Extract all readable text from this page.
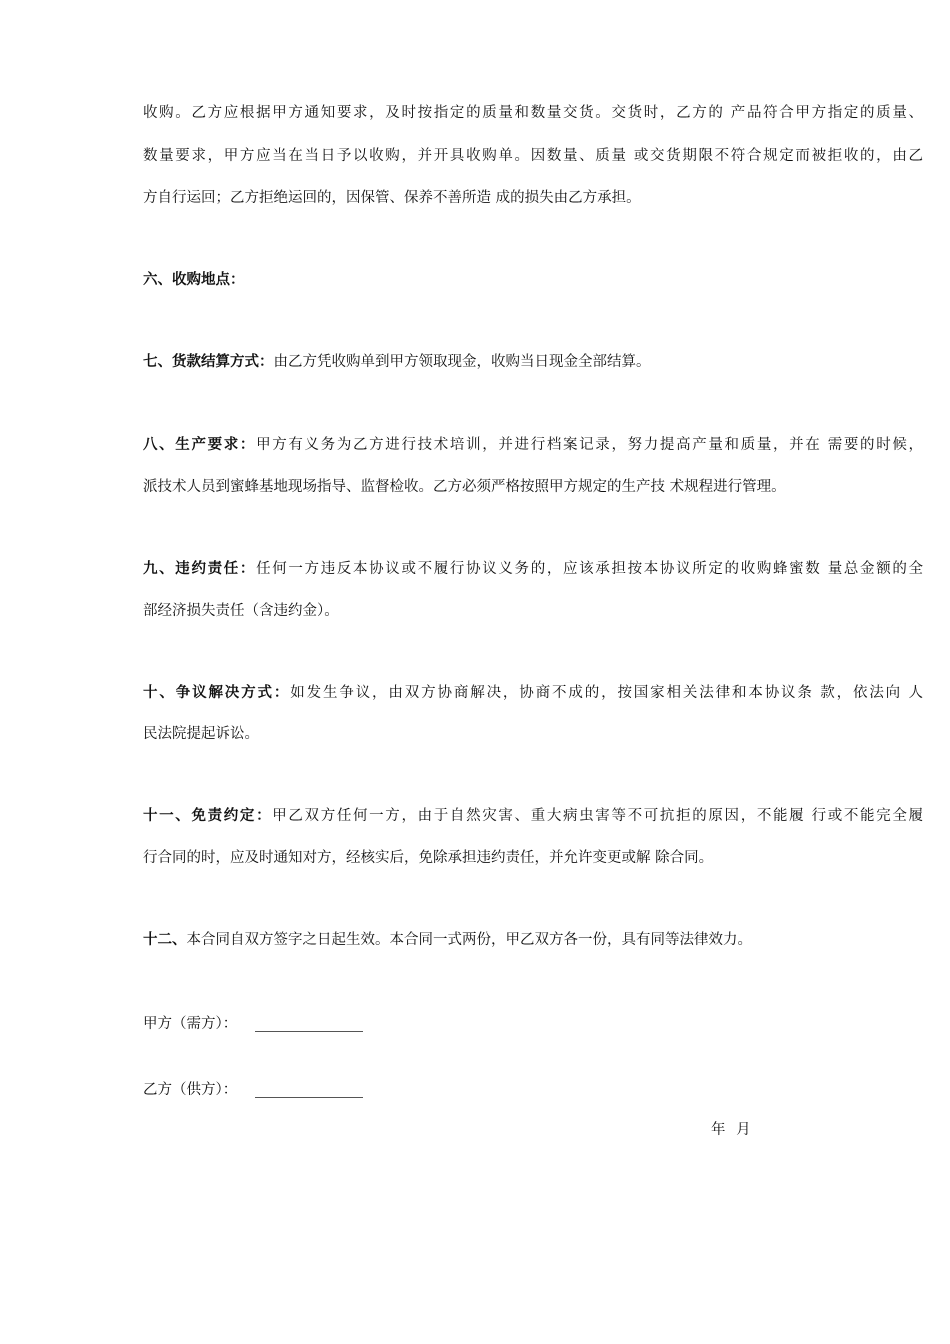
收购。乙方应根据甲方通知要求，及时按指定的质量和数量交货。交货时，乙方的 产品符合甲方指定的质量、
数量要求，甲方应当在当日予以收购，并开具收购单。因数量、质量 或交货期限不符合规定而被拒收的，由乙
方自行运回；乙方拒绝运回的，因保管、保养不善所造 成的损失由乙方承担。
六、收购地点：
七、货款结算方式：由乙方凭收购单到甲方领取现金，收购当日现金全部结算。
八、生产要求：甲方有义务为乙方进行技术培训，并进行档案记录，努力提高产量和质量，并在 需要的时候，
派技术人员到蜜蜂基地现场指导、监督检收。乙方必须严格按照甲方规定的生产技 术规程进行管理。
九、违约责任：任何一方违反本协议或不履行协议义务的，应该承担按本协议所定的收购蜂蜜数 量总金额的全
部经济损失责任（含违约金）。
十、争议解决方式：如发生争议，由双方协商解决，协商不成的，按国家相关法律和本协议条 款，依法向 人
民法院提起诉讼。
十一、免责约定：甲乙双方任何一方，由于自然灾害、重大病虫害等不可抗拒的原因，不能履 行或不能完全履
行合同的时，应及时通知对方，经核实后，免除承担违约责任，并允许变更或解 除合同。
十二、本合同自双方签字之日起生效。本合同一式两份，甲乙双方各一份，具有同等法律效力。
甲方（需方）：
乙方（供方）：
年 月
